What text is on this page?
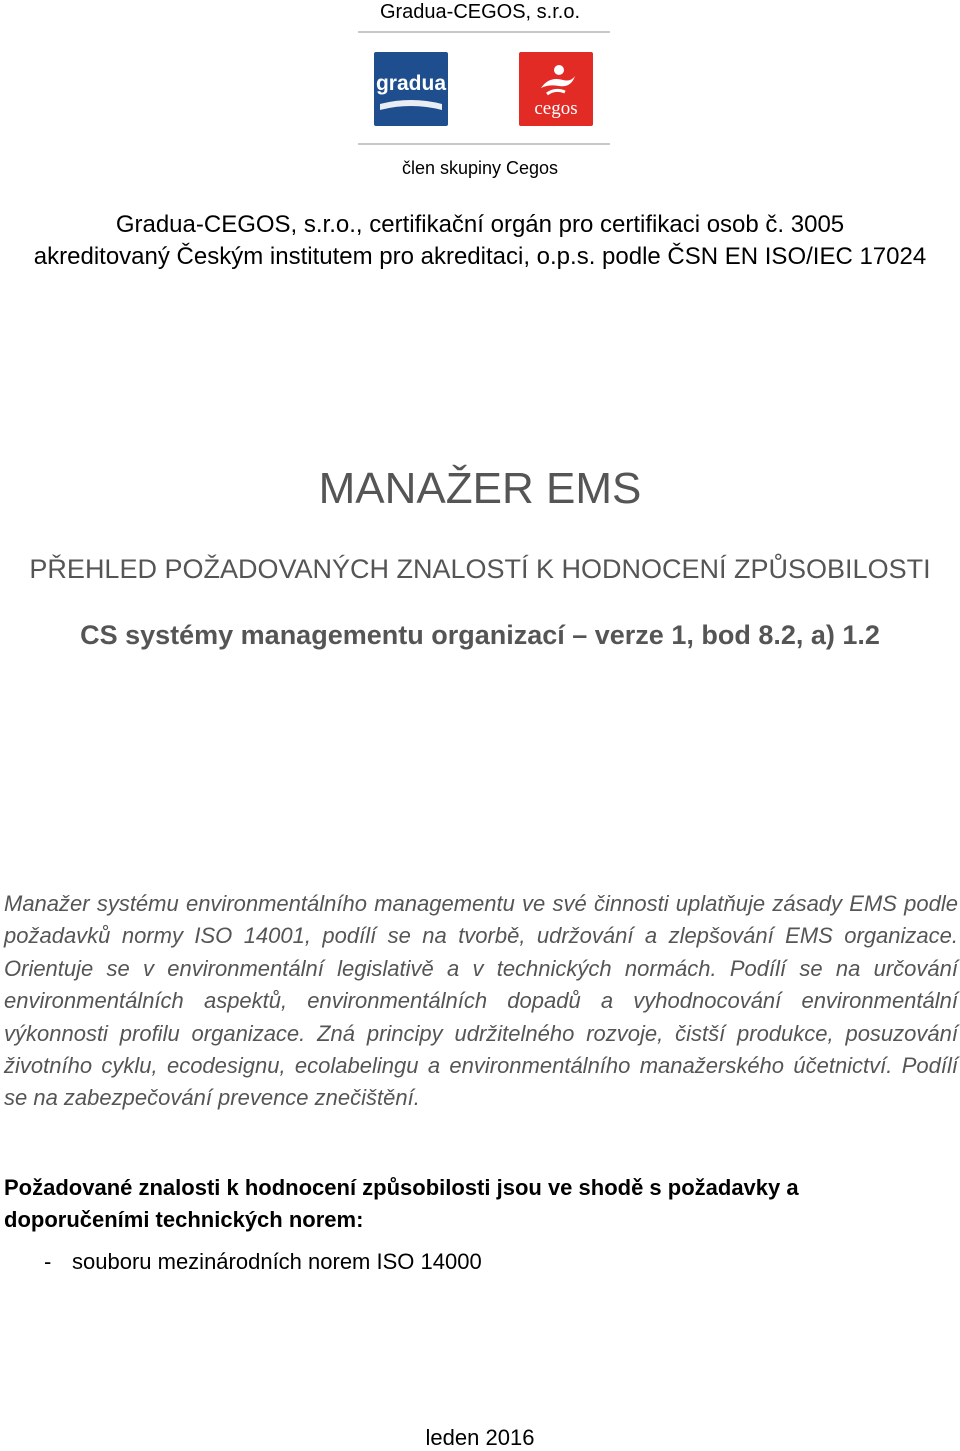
Gradua-CEGOS, s.r.o.
gradua
cegos
člen skupiny Cegos
Gradua-CEGOS, s.r.o., certifikační orgán pro certifikaci osob č. 3005
akreditovaný Českým institutem pro akreditaci, o.p.s. podle ČSN EN ISO/IEC 17024
MANAŽER EMS
PŘEHLED POŽADOVANÝCH ZNALOSTÍ K HODNOCENÍ ZPŮSOBILOSTI
CS systémy managementu organizací – verze 1, bod 8.2, a) 1.2

Manažer systému environmentálního managementu ve své činnosti uplatňuje zásady EMS podle požadavků normy ISO 14001, podílí se na tvorbě, udržování a zlepšování EMS organizace. Orientuje se v environmentální legislativě a v technických normách. Podílí se na určování environmentálních aspektů, environmentálních dopadů a vyhodnocování environmentální výkonnosti profilu organizace. Zná principy udržitelného rozvoje, čistší produkce, posuzování životního cyklu, ecodesignu, ecolabelingu a environmentálního manažerského účetnictví. Podílí se na zabezpečování prevence znečištění.

Požadované znalosti k hodnocení způsobilosti jsou ve shodě s požadavky a doporučeními technických norem:

- souboru mezinárodních norem ISO 14000
leden 2016
